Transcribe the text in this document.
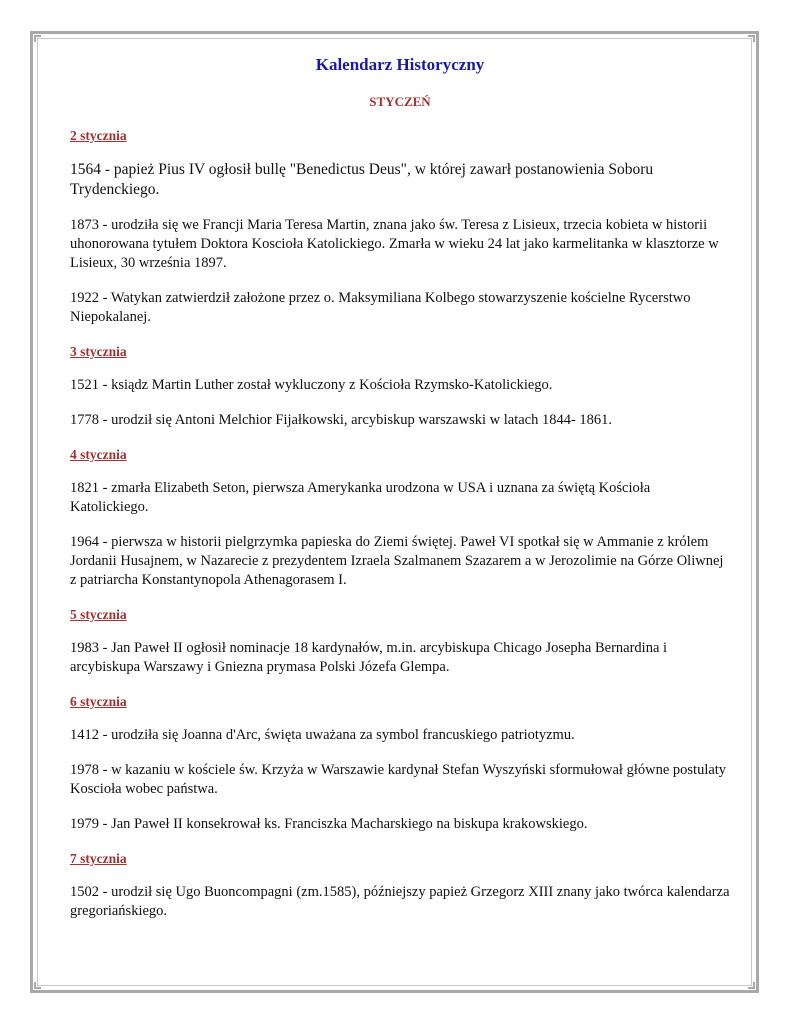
Kalendarz Historyczny
STYCZEŃ
2 stycznia

1564 - papież Pius IV ogłosił bullę "Benedictus Deus", w której zawarł postanowienia Soboru Trydenckiego.

1873 - urodziła się we Francji Maria Teresa Martin, znana jako św. Teresa z Lisieux, trzecia kobieta w historii uhonorowana tytułem Doktora Koscioła Katolickiego. Zmarła w wieku 24 lat jako karmelitanka w klasztorze w Lisieux, 30 września 1897.

1922 - Watykan zatwierdził założone przez o. Maksymiliana Kolbego stowarzyszenie kościelne Rycerstwo Niepokalanej.

3 stycznia

1521 - ksiądz Martin Luther został wykluczony z Kościoła Rzymsko-Katolickiego.

1778 - urodził się Antoni Melchior Fijałkowski, arcybiskup warszawski w latach 1844- 1861.

4 stycznia

1821 - zmarła Elizabeth Seton, pierwsza Amerykanka urodzona w USA i uznana za świętą Kościoła Katolickiego.

1964 - pierwsza w historii pielgrzymka papieska do Ziemi świętej. Paweł VI spotkał się w Ammanie z królem Jordanii Husajnem, w Nazarecie z prezydentem Izraela Szalmanem Szazarem a w Jerozolimie na Górze Oliwnej z patriarcha Konstantynopola Athenagorasem I.

5 stycznia

1983 - Jan Paweł II ogłosił nominacje 18 kardynałów, m.in. arcybiskupa Chicago Josepha Bernardina i arcybiskupa Warszawy i Gniezna prymasa Polski Józefa Glempa.

6 stycznia

1412 - urodziła się Joanna d'Arc, święta uważana za symbol francuskiego patriotyzmu.

1978 - w kazaniu w kościele św. Krzyża w Warszawie kardynał Stefan Wyszyński sformułował główne postulaty Koscioła wobec państwa.

1979 - Jan Paweł II konsekrował ks. Franciszka Macharskiego na biskupa krakowskiego.

7 stycznia

1502 - urodził się Ugo Buoncompagni (zm.1585), późniejszy papież Grzegorz XIII znany jako twórca kalendarza gregoriańskiego.
